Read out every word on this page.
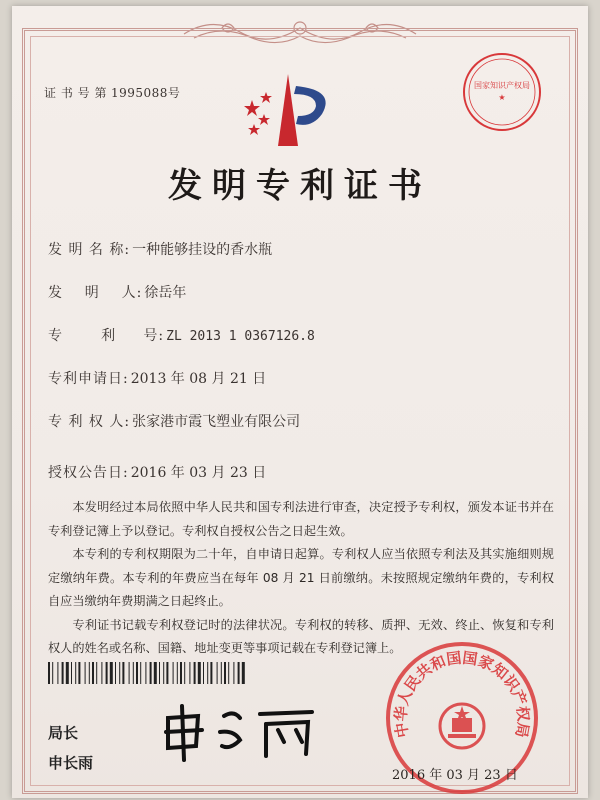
证 书 号 第 1995088号
国家知识产权局
★
发明专利证书
发 明 名 称: 一种能够挂设的香水瓶
发    明    人: 徐岳年
专       利     号: ZL 2013 1 0367126.8
专利申请日: 2013 年 08 月 21 日
专 利 权 人: 张家港市霞飞塑业有限公司
授权公告日: 2016 年 03 月 23 日

本发明经过本局依照中华人民共和国专利法进行审查，决定授予专利权，颁发本证书并在专利登记簿上予以登记。专利权自授权公告之日起生效。

本专利的专利权期限为二十年，自申请日起算。专利权人应当依照专利法及其实施细则规定缴纳年费。本专利的年费应当在每年 08 月 21 日前缴纳。未按照规定缴纳年费的，专利权自应当缴纳年费期满之日起终止。

专利证书记载专利权登记时的法律状况。专利权的转移、质押、无效、终止、恢复和专利权人的姓名或名称、国籍、地址变更等事项记载在专利登记簿上。

局长
申长雨
中华人民共和国国家知识产权局
2016 年 03 月 23 日
